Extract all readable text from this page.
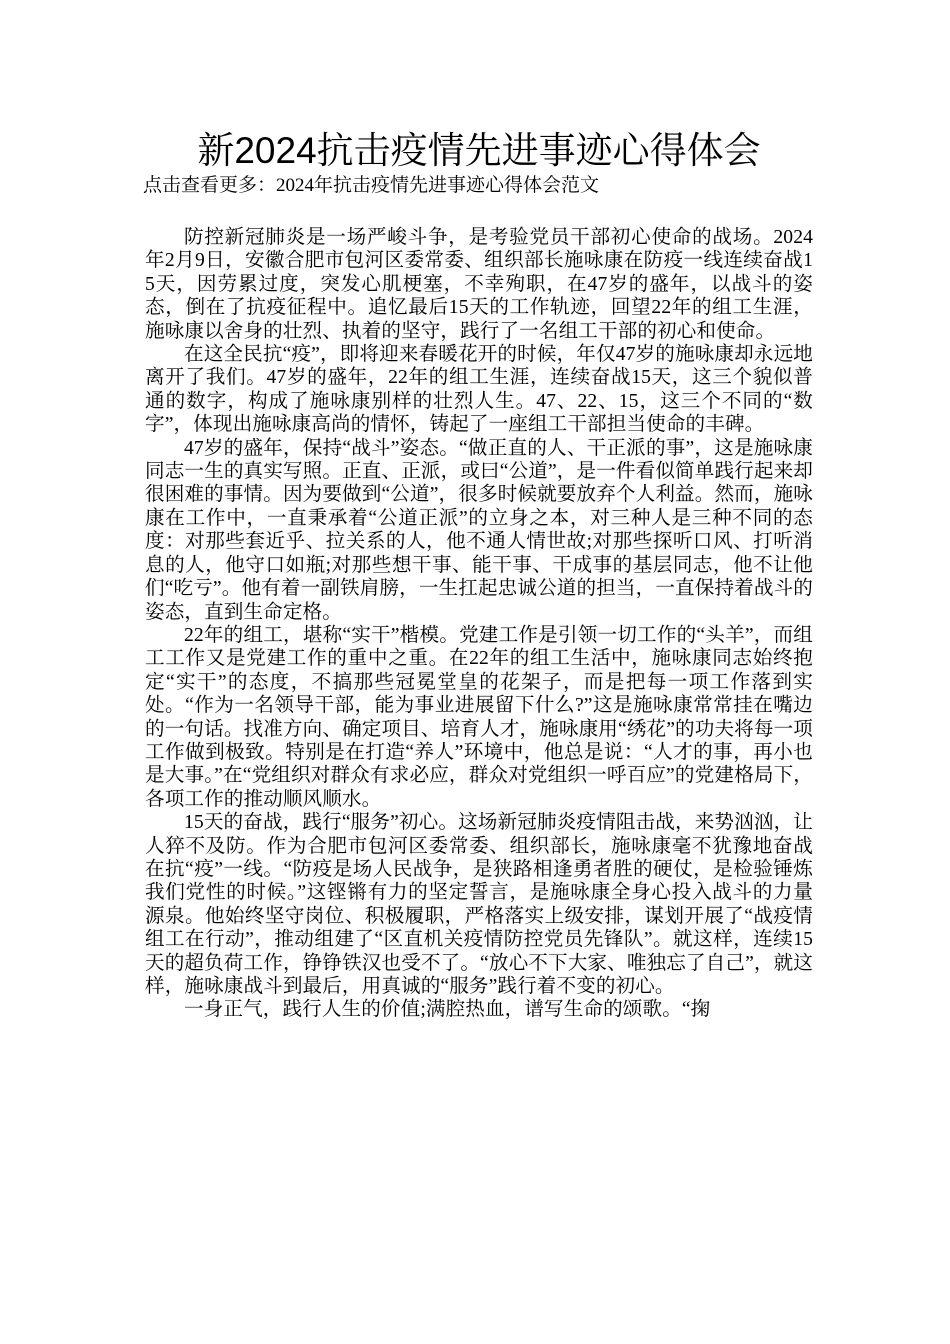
新2024抗击疫情先进事迹心得体会
点击查看更多：2024年抗击疫情先进事迹心得体会范文

防控新冠肺炎是一场严峻斗争，是考验党员干部初心使命的战场。2024年2月9日，安徽合肥市包河区委常委、组织部长施咏康在防疫一线连续奋战15天，因劳累过度，突发心肌梗塞，不幸殉职，在47岁的盛年，以战斗的姿态，倒在了抗疫征程中。追忆最后15天的工作轨迹，回望22年的组工生涯，施咏康以舍身的壮烈、执着的坚守，践行了一名组工干部的初心和使命。

在这全民抗“疫”，即将迎来春暖花开的时候，年仅47岁的施咏康却永远地离开了我们。47岁的盛年，22年的组工生涯，连续奋战15天，这三个貌似普通的数字，构成了施咏康别样的壮烈人生。47、22、15，这三个不同的“数字”，体现出施咏康高尚的情怀，铸起了一座组工干部担当使命的丰碑。

47岁的盛年，保持“战斗”姿态。“做正直的人、干正派的事”，这是施咏康同志一生的真实写照。正直、正派，或曰“公道”，是一件看似简单践行起来却很困难的事情。因为要做到“公道”，很多时候就要放弃个人利益。然而，施咏康在工作中，一直秉承着“公道正派”的立身之本，对三种人是三种不同的态度：对那些套近乎、拉关系的人，他不通人情世故;对那些探听口风、打听消息的人，他守口如瓶;对那些想干事、能干事、干成事的基层同志，他不让他们“吃亏”。他有着一副铁肩膀，一生扛起忠诚公道的担当，一直保持着战斗的姿态，直到生命定格。

22年的组工，堪称“实干”楷模。党建工作是引领一切工作的“头羊”，而组工工作又是党建工作的重中之重。在22年的组工生活中，施咏康同志始终抱定“实干”的态度，不搞那些冠冕堂皇的花架子，而是把每一项工作落到实处。“作为一名领导干部，能为事业进展留下什么?”这是施咏康常常挂在嘴边的一句话。找准方向、确定项目、培育人才，施咏康用“绣花”的功夫将每一项工作做到极致。特别是在打造“养人”环境中，他总是说：“人才的事，再小也是大事。”在“党组织对群众有求必应，群众对党组织一呼百应”的党建格局下，各项工作的推动顺风顺水。

15天的奋战，践行“服务”初心。这场新冠肺炎疫情阻击战，来势汹汹，让人猝不及防。作为合肥市包河区委常委、组织部长，施咏康毫不犹豫地奋战在抗“疫”一线。“防疫是场人民战争，是狭路相逢勇者胜的硬仗，是检验锤炼我们党性的时候。”这铿锵有力的坚定誓言，是施咏康全身心投入战斗的力量源泉。他始终坚守岗位、积极履职，严格落实上级安排，谋划开展了“战疫情组工在行动”，推动组建了“区直机关疫情防控党员先锋队”。就这样，连续15天的超负荷工作，铮铮铁汉也受不了。“放心不下大家、唯独忘了自己”，就这样，施咏康战斗到最后，用真诚的“服务”践行着不变的初心。

一身正气，践行人生的价值;满腔热血，谱写生命的颂歌。“掬
